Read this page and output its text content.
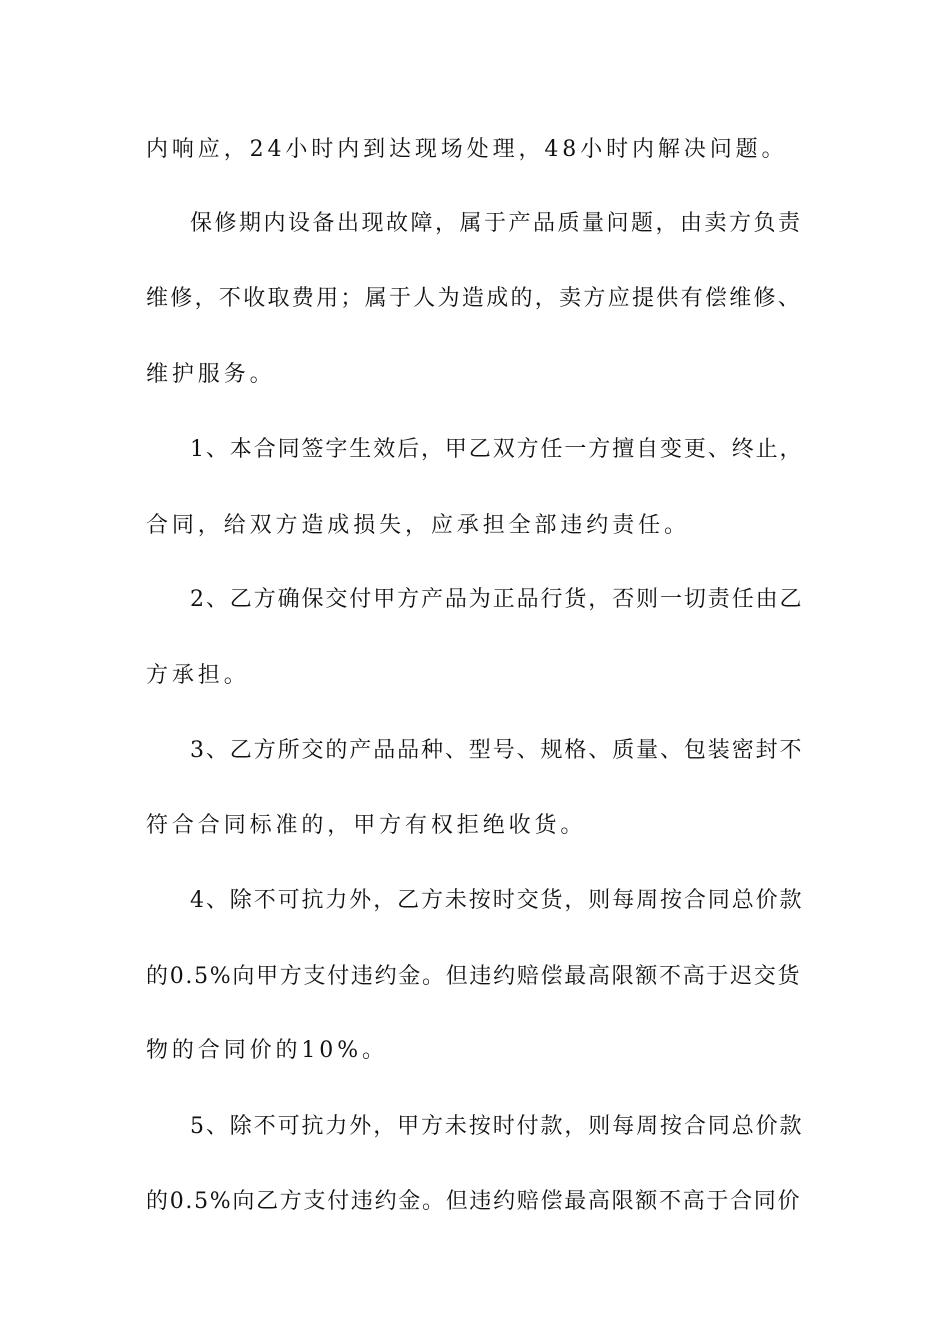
内响应，24小时内到达现场处理，48小时内解决问题。
保修期内设备出现故障，属于产品质量问题，由卖方负责
维修，不收取费用；属于人为造成的，卖方应提供有偿维修、
维护服务。
1、本合同签字生效后，甲乙双方任一方擅自变更、终止，
合同，给双方造成损失，应承担全部违约责任。
2、乙方确保交付甲方产品为正品行货，否则一切责任由乙
方承担。
3、乙方所交的产品品种、型号、规格、质量、包装密封不
符合合同标准的，甲方有权拒绝收货。
4、除不可抗力外，乙方未按时交货，则每周按合同总价款
的0.5%向甲方支付违约金。但违约赔偿最高限额不高于迟交货
物的合同价的10%。
5、除不可抗力外，甲方未按时付款，则每周按合同总价款
的0.5%向乙方支付违约金。但违约赔偿最高限额不高于合同价
